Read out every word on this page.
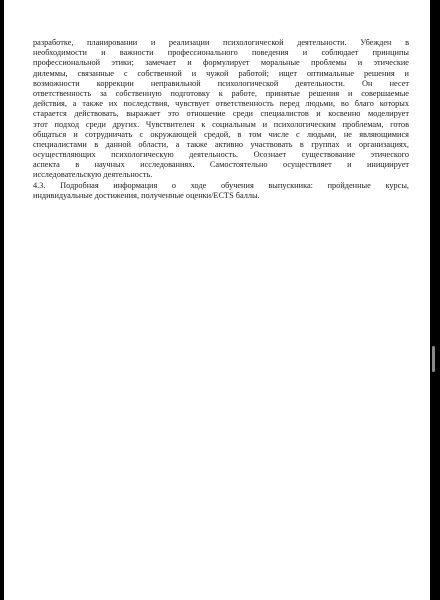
разработке, планировании и реализации психологической деятельности. Убежден в
необходимости и важности профессионального поведения и соблюдает принципы
профессиональной этики; замечает и формулирует моральные проблемы и этические
дилеммы, связанные с собственной и чужой работой; ищет оптимальные решения и
возможности коррекции неправильной психологической деятельности. Он несет
ответственность за собственную подготовку к работе, принятые решения и совершаемые
действия, а также их последствия, чувствует ответственность перед людьми, во благо которых
старается действовать, выражает это отношение среди специалистов и косвенно моделирует
этот подход среди других. Чувствителен к социальным и психологическим проблемам, готов
общаться и сотрудничать с окружающей средой, в том числе с людьми, не являющимися
специалистами в данной области, а также активно участвовать в группах и организациях,
осуществляющих психологическую деятельность. Осознает существование этического
аспекта в научных исследованиях. Самостоятельно осуществляет и инициирует
исследовательскую деятельность.
4.3. Подробная информация о ходе обучения выпускника: пройденные курсы,
индивидуальные достижения, полученные оценки/ECTS баллы.
